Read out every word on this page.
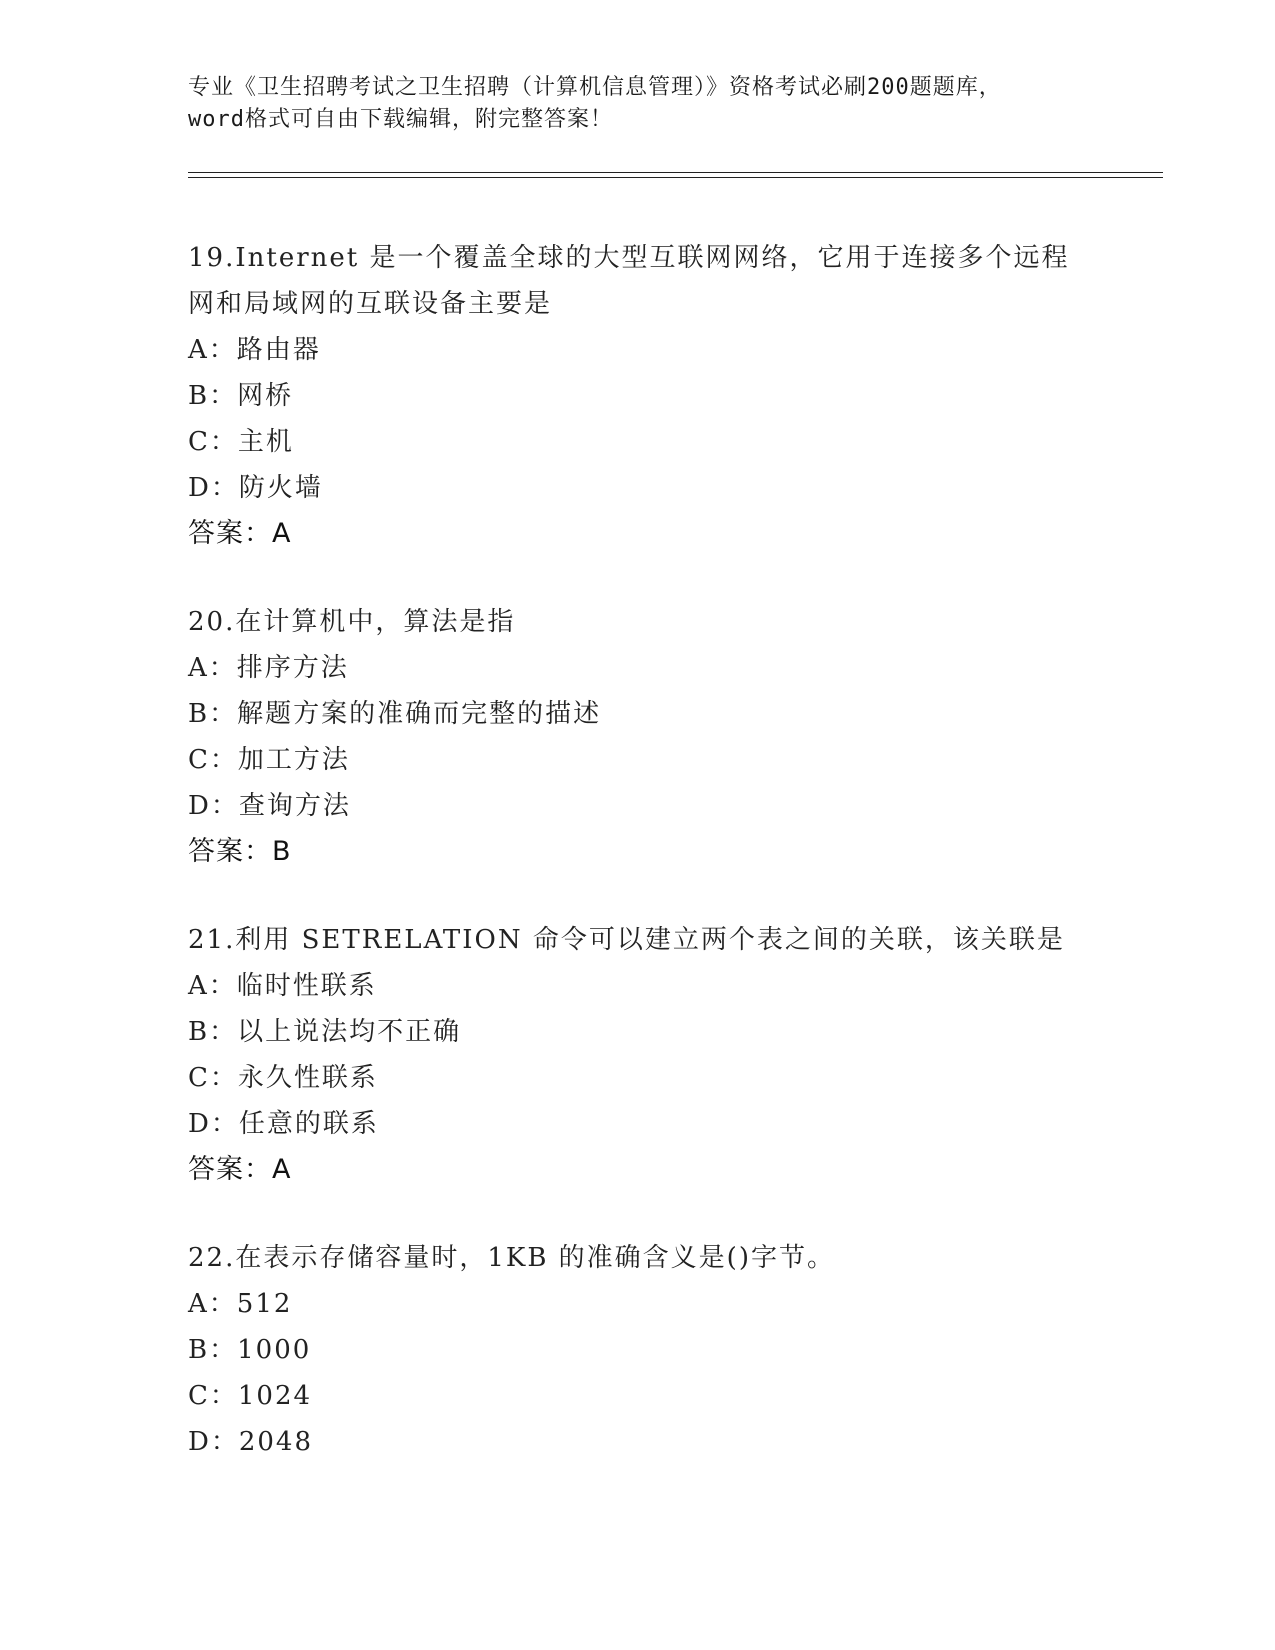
专业《卫生招聘考试之卫生招聘（计算机信息管理）》资格考试必刷200题题库，
word格式可自由下载编辑，附完整答案！
19.Internet 是一个覆盖全球的大型互联网网络，它用于连接多个远程
网和局域网的互联设备主要是
A：路由器
B：网桥
C：主机
D：防火墙
答案：A
20.在计算机中，算法是指
A：排序方法
B：解题方案的准确而完整的描述
C：加工方法
D：查询方法
答案：B
21.利用 SETRELATION 命令可以建立两个表之间的关联，该关联是
A：临时性联系
B：以上说法均不正确
C：永久性联系
D：任意的联系
答案：A
22.在表示存储容量时，1KB 的准确含义是()字节。
A：512
B：1000
C：1024
D：2048
